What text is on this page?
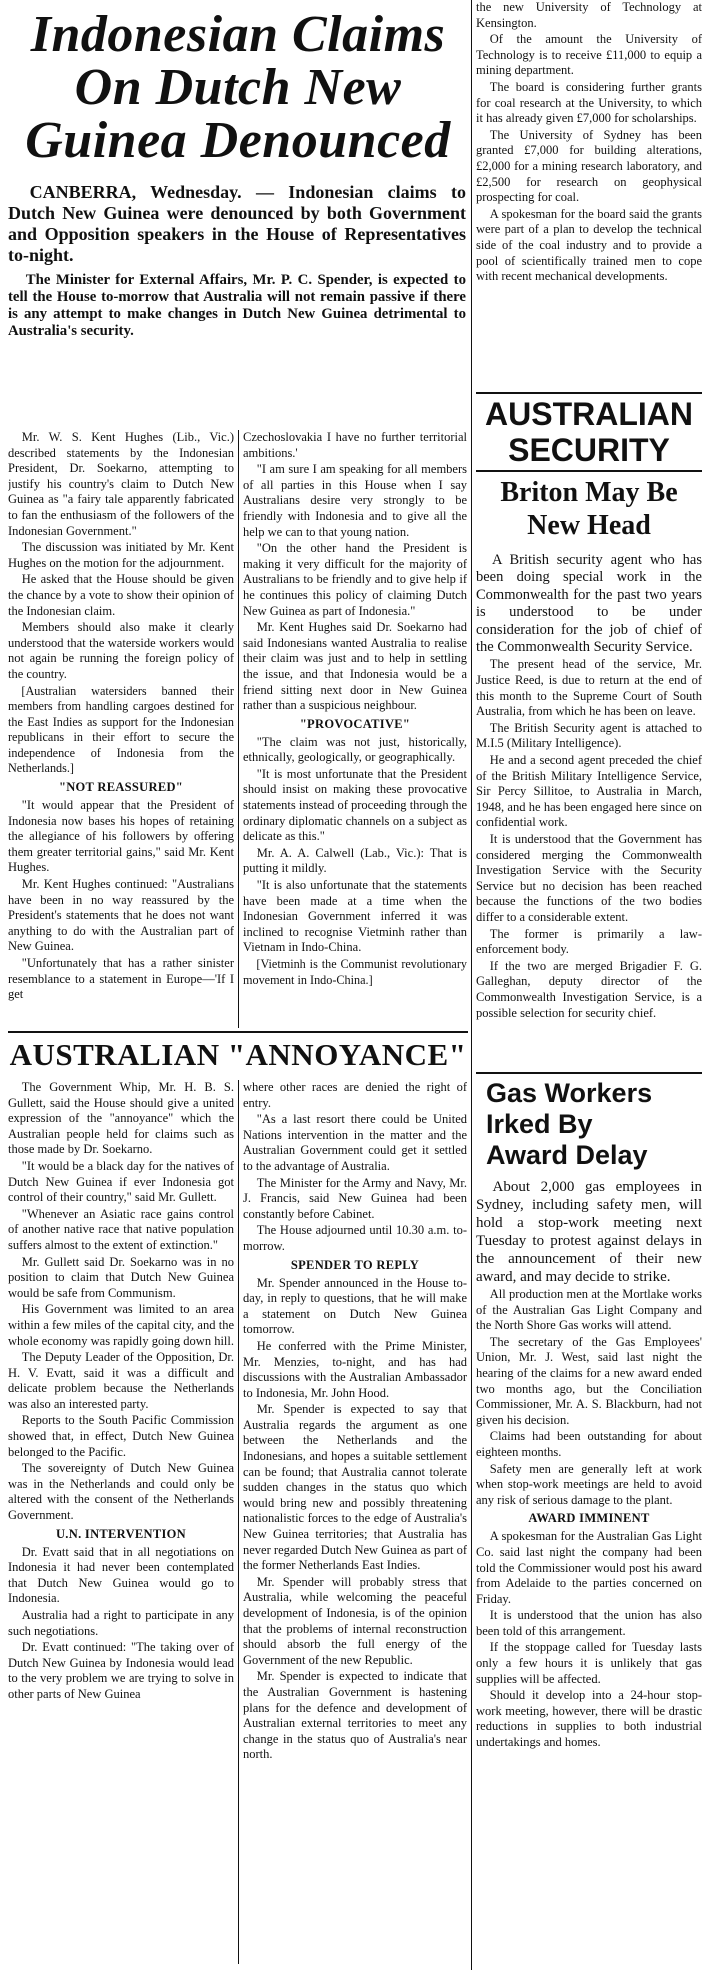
Indonesian Claims
On Dutch New
Guinea Denounced

CANBERRA, Wednesday. — Indonesian claims to Dutch New Guinea were denounced by both Government and Opposition speakers in the House of Representatives to-night.

The Minister for External Affairs, Mr. P. C. Spender, is expected to tell the House to-morrow that Australia will not remain passive if there is any attempt to make changes in Dutch New Guinea detrimental to Australia's security.

Mr. W. S. Kent Hughes (Lib., Vic.) described statements by the Indonesian President, Dr. Soekarno, attempting to justify his country's claim to Dutch New Guinea as "a fairy tale apparently fabricated to fan the enthusiasm of the followers of the Indonesian Government."

The discussion was initiated by Mr. Kent Hughes on the motion for the adjournment.

He asked that the House should be given the chance by a vote to show their opinion of the Indonesian claim.

Members should also make it clearly understood that the waterside workers would not again be running the foreign policy of the country.

[Australian watersiders banned their members from handling cargoes destined for the East Indies as support for the Indonesian republicans in their effort to secure the independence of Indonesia from the Netherlands.]

"NOT REASSURED"

"It would appear that the President of Indonesia now bases his hopes of retaining the allegiance of his followers by offering them greater territorial gains," said Mr. Kent Hughes.

Mr. Kent Hughes continued: "Australians have been in no way reassured by the President's statements that he does not want anything to do with the Australian part of New Guinea.

"Unfortunately that has a rather sinister resemblance to a statement in Europe—'If I get

Czechoslovakia I have no further territorial ambitions.'

"I am sure I am speaking for all members of all parties in this House when I say Australians desire very strongly to be friendly with Indonesia and to give all the help we can to that young nation.

"On the other hand the President is making it very difficult for the majority of Australians to be friendly and to give help if he continues this policy of claiming Dutch New Guinea as part of Indonesia."

Mr. Kent Hughes said Dr. Soekarno had said Indonesians wanted Australia to realise their claim was just and to help in settling the issue, and that Indonesia would be a friend sitting next door in New Guinea rather than a suspicious neighbour.

"PROVOCATIVE"

"The claim was not just, historically, ethnically, geologically, or geographically.

"It is most unfortunate that the President should insist on making these provocative statements instead of proceeding through the ordinary diplomatic channels on a subject as delicate as this."

Mr. A. A. Calwell (Lab., Vic.): That is putting it mildly.

"It is also unfortunate that the statements have been made at a time when the Indonesian Government inferred it was inclined to recognise Vietminh rather than Vietnam in Indo-China.

[Vietminh is the Communist revolutionary movement in Indo-China.]

AUSTRALIAN "ANNOYANCE"

The Government Whip, Mr. H. B. S. Gullett, said the House should give a united expression of the "annoyance" which the Australian people held for claims such as those made by Dr. Soekarno.

"It would be a black day for the natives of Dutch New Guinea if ever Indonesia got control of their country," said Mr. Gullett.

"Whenever an Asiatic race gains control of another native race that native population suffers almost to the extent of extinction."

Mr. Gullett said Dr. Soekarno was in no position to claim that Dutch New Guinea would be safe from Communism.

His Government was limited to an area within a few miles of the capital city, and the whole economy was rapidly going down hill.

The Deputy Leader of the Opposition, Dr. H. V. Evatt, said it was a difficult and delicate problem because the Netherlands was also an interested party.

Reports to the South Pacific Commission showed that, in effect, Dutch New Guinea belonged to the Pacific.

The sovereignty of Dutch New Guinea was in the Netherlands and could only be altered with the consent of the Netherlands Government.

U.N. INTERVENTION

Dr. Evatt said that in all negotiations on Indonesia it had never been contemplated that Dutch New Guinea would go to Indonesia.

Australia had a right to participate in any such negotiations.

Dr. Evatt continued: "The taking over of Dutch New Guinea by Indonesia would lead to the very problem we are trying to solve in other parts of New Guinea

where other races are denied the right of entry.

"As a last resort there could be United Nations intervention in the matter and the Australian Government could get it settled to the advantage of Australia.

The Minister for the Army and Navy, Mr. J. Francis, said New Guinea had been constantly before Cabinet.

The House adjourned until 10.30 a.m. to-morrow.

SPENDER TO REPLY

Mr. Spender announced in the House to-day, in reply to questions, that he will make a statement on Dutch New Guinea tomorrow.

He conferred with the Prime Minister, Mr. Menzies, to-night, and has had discussions with the Australian Ambassador to Indonesia, Mr. John Hood.

Mr. Spender is expected to say that Australia regards the argument as one between the Netherlands and the Indonesians, and hopes a suitable settlement can be found; that Australia cannot tolerate sudden changes in the status quo which would bring new and possibly threatening nationalistic forces to the edge of Australia's New Guinea territories; that Australia has never regarded Dutch New Guinea as part of the former Netherlands East Indies.

Mr. Spender will probably stress that Australia, while welcoming the peaceful development of Indonesia, is of the opinion that the problems of internal reconstruction should absorb the full energy of the Government of the new Republic.

Mr. Spender is expected to indicate that the Australian Government is hastening plans for the defence and development of Australian external territories to meet any change in the status quo of Australia's near north.

the new University of Technology at Kensington.

Of the amount the University of Technology is to receive £11,000 to equip a mining department.

The board is considering further grants for coal research at the University, to which it has already given £7,000 for scholarships.

The University of Sydney has been granted £7,000 for building alterations, £2,000 for a mining research laboratory, and £2,500 for research on geophysical prospecting for coal.

A spokesman for the board said the grants were part of a plan to develop the technical side of the coal industry and to provide a pool of scientifically trained men to cope with recent mechanical developments.

AUSTRALIAN
SECURITY
Briton May Be
New Head

A British security agent who has been doing special work in the Commonwealth for the past two years is understood to be under consideration for the job of chief of the Commonwealth Security Service.

The present head of the service, Mr. Justice Reed, is due to return at the end of this month to the Supreme Court of South Australia, from which he has been on leave.

The British Security agent is attached to M.I.5 (Military Intelligence).

He and a second agent preceded the chief of the British Military Intelligence Service, Sir Percy Sillitoe, to Australia in March, 1948, and he has been engaged here since on confidential work.

It is understood that the Government has considered merging the Commonwealth Investigation Service with the Security Service but no decision has been reached because the functions of the two bodies differ to a considerable extent.

The former is primarily a law-enforcement body.

If the two are merged Brigadier F. G. Galleghan, deputy director of the Commonwealth Investigation Service, is a possible selection for security chief.

Gas Workers
Irked By
Award Delay

About 2,000 gas employees in Sydney, including safety men, will hold a stop-work meeting next Tuesday to protest against delays in the announcement of their new award, and may decide to strike.

All production men at the Mortlake works of the Australian Gas Light Company and the North Shore Gas works will attend.

The secretary of the Gas Employees' Union, Mr. J. West, said last night the hearing of the claims for a new award ended two months ago, but the Conciliation Commissioner, Mr. A. S. Blackburn, had not given his decision.

Claims had been outstanding for about eighteen months.

Safety men are generally left at work when stop-work meetings are held to avoid any risk of serious damage to the plant.

AWARD IMMINENT

A spokesman for the Australian Gas Light Co. said last night the company had been told the Commissioner would post his award from Adelaide to the parties concerned on Friday.

It is understood that the union has also been told of this arrangement.

If the stoppage called for Tuesday lasts only a few hours it is unlikely that gas supplies will be affected.

Should it develop into a 24-hour stop-work meeting, however, there will be drastic reductions in supplies to both industrial undertakings and homes.
